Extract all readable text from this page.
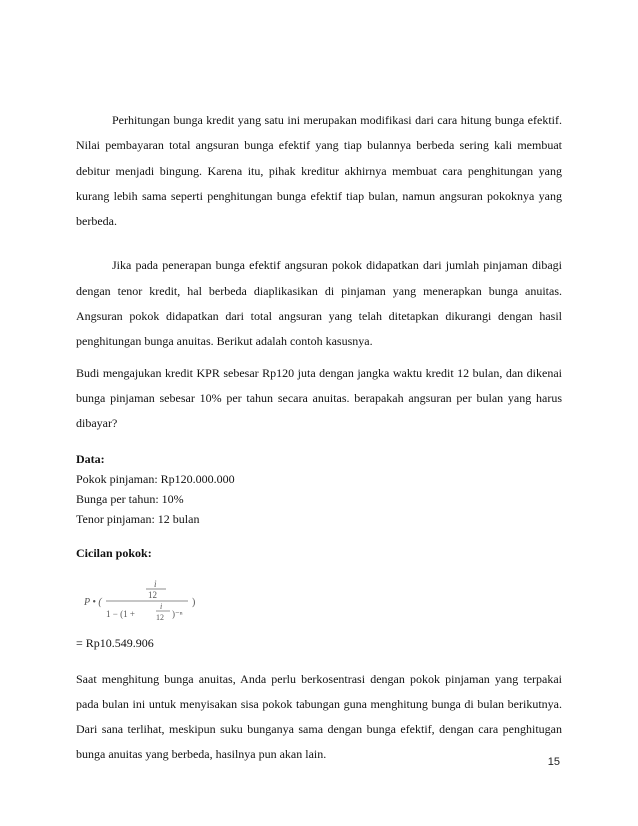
Perhitungan bunga kredit yang satu ini merupakan modifikasi dari cara hitung bunga efektif. Nilai pembayaran total angsuran bunga efektif yang tiap bulannya berbeda sering kali membuat debitur menjadi bingung. Karena itu, pihak kreditur akhirnya membuat cara penghitungan yang kurang lebih sama seperti penghitungan bunga efektif tiap bulan, namun angsuran pokoknya yang berbeda.

Jika pada penerapan bunga efektif angsuran pokok didapatkan dari jumlah pinjaman dibagi dengan tenor kredit, hal berbeda diaplikasikan di pinjaman yang menerapkan bunga anuitas. Angsuran pokok didapatkan dari total angsuran yang telah ditetapkan dikurangi dengan hasil penghitungan bunga anuitas. Berikut adalah contoh kasusnya.

Budi mengajukan kredit KPR sebesar Rp120 juta dengan jangka waktu kredit 12 bulan, dan dikenai bunga pinjaman sebesar 10% per tahun secara anuitas. berapakah angsuran per bulan yang harus dibayar?

Data:

Pokok pinjaman: Rp120.000.000

Bunga per tahun: 10%

Tenor pinjaman: 12 bulan

Cicilan pokok:

P • (
i
12
1 − (1 +
i
12 )⁻ⁿ
)

= Rp10.549.906

Saat menghitung bunga anuitas, Anda perlu berkosentrasi dengan pokok pinjaman yang terpakai pada bulan ini untuk menyisakan sisa pokok tabungan guna menghitung bunga di bulan berikutnya. Dari sana terlihat, meskipun suku bunganya sama dengan bunga efektif, dengan cara penghitugan bunga anuitas yang berbeda, hasilnya pun akan lain.

15
